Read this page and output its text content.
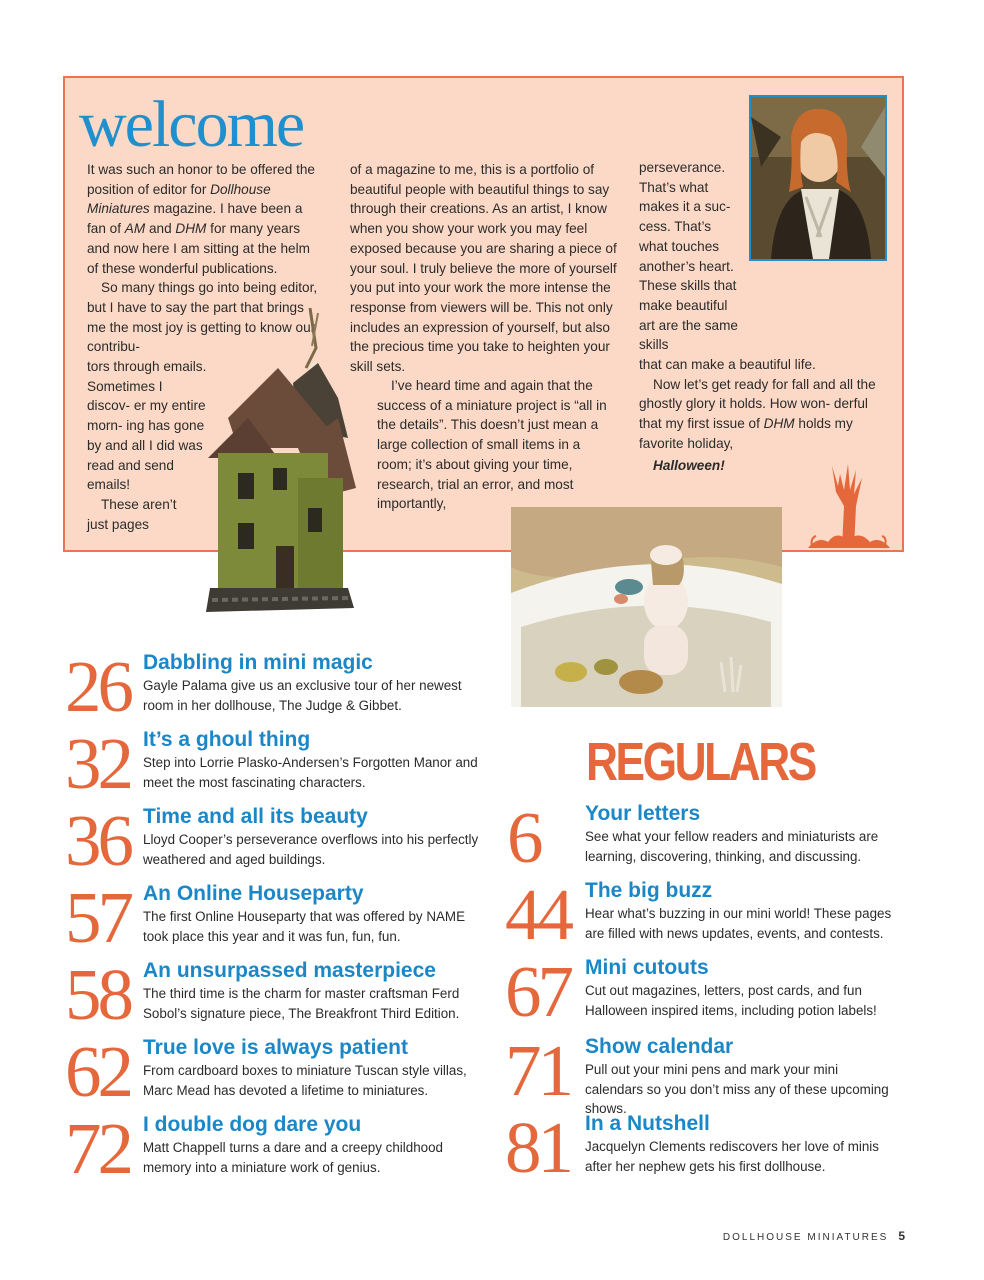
welcome

It was such an honor to be offered the position of editor for Dollhouse Miniatures magazine. I have been a fan of AM and DHM for many years and now here I am sitting at the helm of these wonderful publications.

So many things go into being editor, but I have to say the part that brings me the most joy is getting to know our contribu-

tors through emails. Sometimes I discov- er my entire morn- ing has gone by and all I did was read and send emails!

These aren’t just pages

of a magazine to me, this is a portfolio of beautiful people with beautiful things to say through their creations. As an artist, I know when you show your work you may feel exposed because you are sharing a piece of your soul. I truly believe the more of yourself you put into your work the more intense the response from viewers will be. This not only includes an expression of yourself, but also the precious time you take to heighten your skill sets.

I’ve heard time and again that the success of a miniature project is “all in the details”. This doesn’t just mean a large collection of small items in a room; it’s about giving your time, research, trial an error, and most importantly,

perseverance. That’s what makes it a suc- cess. That’s what touches another’s heart. These skills that make beautiful art are the same skills

that can make a beautiful life.

Now let’s get ready for fall and all the ghostly glory it holds. How won- derful that my first issue of DHM holds my favorite holiday,

Halloween!

26 Dabbling in mini magic
Gayle Palama give us an exclusive tour of her newest room in her dollhouse, The Judge & Gibbet.
32 It’s a ghoul thing
Step into Lorrie Plasko-Andersen’s Forgotten Manor and meet the most fascinating characters.
36 Time and all its beauty
Lloyd Cooper’s perseverance overflows into his perfectly weathered and aged buildings.
57 An Online Houseparty
The first Online Houseparty that was offered by NAME took place this year and it was fun, fun, fun.
58 An unsurpassed masterpiece
The third time is the charm for master craftsman Ferd Sobol’s signature piece, The Breakfront Third Edition.
62 True love is always patient
From cardboard boxes to miniature Tuscan style villas, Marc Mead has devoted a lifetime to miniatures.
72 I double dog dare you
Matt Chappell turns a dare and a creepy childhood memory into a miniature work of genius.
REGULARS
6 Your letters
See what your fellow readers and miniaturists are learning, discovering, thinking, and discussing.
44 The big buzz
Hear what’s buzzing in our mini world! These pages are filled with news updates, events, and contests.
67 Mini cutouts
Cut out magazines, letters, post cards, and fun Halloween inspired items, including potion labels!
71 Show calendar
Pull out your mini pens and mark your mini calendars so you don’t miss any of these upcoming shows.
81 In a Nutshell
Jacquelyn Clements rediscovers her love of minis after her nephew gets his first dollhouse.
DOLLHOUSE MINIATURES 5
